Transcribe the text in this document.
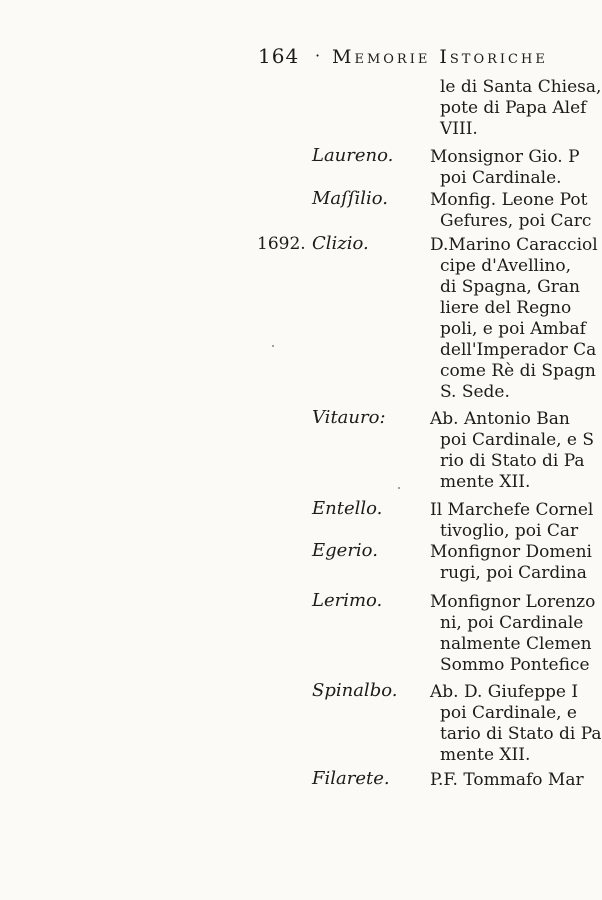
164 · Memorie Istoriche
le di Santa Chiesa,
pote di Papa Alef
VIII.
Laureno. Monsignor Gio. P
poi Cardinale.
Maſſilio. Monfig. Leone Pot
Gefures, poi Carc
1692. Clizio.	D.Marino Caracciol
cipe d'Avellino,
di Spagna, Gran
liere del Regno
poli, e poi Ambaf
dell'Imperador Ca
come Rè di Spagn
S. Sede.
Vitauro:	Ab. Antonio Ban
poi Cardinale, e S
rio di Stato di Pa
mente XII.
Entello.	Il Marchefe Cornel
tivoglio, poi Car
Egerio.	Monfignor Domeni
rugi, poi Cardina
Lerimo.	Monfignor Lorenzo
ni, poi Cardinale
nalmente Clemen
Sommo Pontefice
Spinalbo. Ab. D. Giufeppe I
poi Cardinale, e
tario di Stato di Pa
mente XII.
Filarete. P.F. Tommafo Mar
